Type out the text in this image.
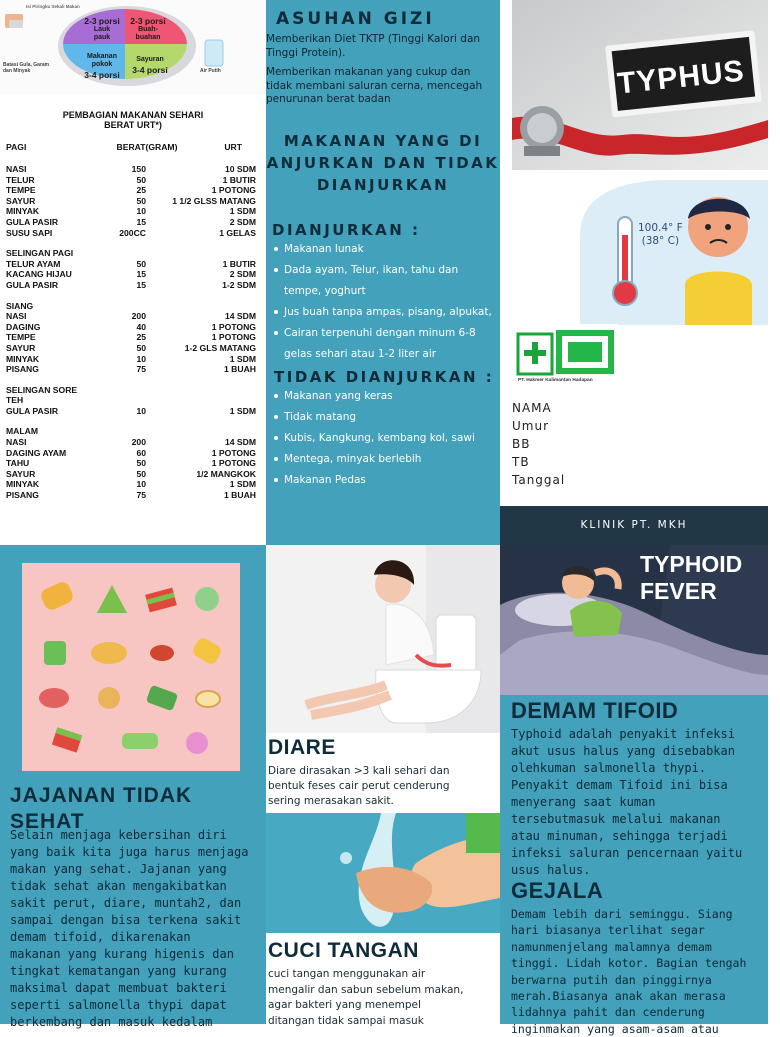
2-3 porsi
Lauk
pauk
2-3 porsi
Buah-
buahan
Makanan
pokok
3-4 porsi
Sayuran
3-4 porsi
Batasi Gula, Garam dan Minyak	Air Putih
Isi Piringku Sekali Makan
PEMBAGIAN MAKANAN SEHARI
BERAT URT*)
PAGI	BERAT(GRAM)	URT
NASI	150	10 SDM
TELUR	50	1 BUTIR
TEMPE	25	1 POTONG
SAYUR	50	1 1/2 GLSS MATANG
MINYAK	10	1 SDM
GULA PASIR	15	2 SDM
SUSU SAPI	200CC	1 GELAS
SELINGAN PAGI
TELUR AYAM	50	1 BUTIR
KACANG HIJAU	15	2 SDM
GULA PASIR	15	1-2 SDM
SIANG
NASI	200	14 SDM
DAGING	40	1 POTONG
TEMPE	25	1 POTONG
SAYUR	50	1-2 GLS MATANG
MINYAK	10	1 SDM
PISANG	75	1 BUAH
SELINGAN SORE
TEH
GULA PASIR	10	1 SDM
MALAM
NASI	200	14 SDM
DAGING AYAM	60	1 POTONG
TAHU	50	1 POTONG
SAYUR	50	1/2 MANGKOK
MINYAK	10	1 SDM
PISANG	75	1 BUAH
ASUHAN GIZI
Memberikan Diet TKTP (Tinggi Kalori dan Tinggi Protein).
Memberikan makanan yang cukup dan tidak membani saluran cerna, mencegah penurunan berat badan
MAKANAN YANG DI
ANJURKAN DAN TIDAK
DIANJURKAN
DIANJURKAN :
Makanan lunak
Dada ayam, Telur, ikan, tahu dan
tempe, yoghurt
Jus buah tanpa ampas, pisang, alpukat,
Cairan terpenuhi dengan minum 6-8
gelas sehari atau 1-2 liter air
TIDAK DIANJURKAN :
Makanan yang keras
Tidak matang
Kubis, Kangkung, kembang kol, sawi
Mentega, minyak berlebih
Makanan Pedas
TYPHUS
100.4° F
(38° C)
PT. Hakmer Kalimantan Hadapan
NAMA
Umur
BB
TB
Tanggal
KLINIK PT. MKH
JAJANAN TIDAK SEHAT
Selain menjaga kebersihan diri
yang baik kita juga harus menjaga
makan yang sehat. Jajanan yang
tidak sehat akan mengakibatkan
sakit perut, diare, muntah2, dan
sampai dengan bisa terkena sakit
demam tifoid, dikarenakan
makanan yang kurang higenis dan
tingkat kematangan yang kurang
maksimal dapat membuat bakteri
seperti salmonella thypi dapat
berkembang dan masuk kedalam
DIARE
Diare dirasakan >3 kali sehari dan
bentuk feses cair perut cenderung
sering merasakan sakit.
CUCI TANGAN
cuci tangan menggunakan air
mengalir dan sabun sebelum makan,
agar bakteri yang menempel
ditangan tidak sampai masuk
TYPHOID
FEVER
DEMAM TIFOID
Typhoid adalah penyakit infeksi
akut usus halus yang disebabkan
olehkuman salmonella thypi.
Penyakit demam Tifoid ini bisa
menyerang saat kuman
tersebutmasuk melalui makanan
atau minuman, sehingga terjadi
infeksi saluran pencernaan yaitu
usus halus.
GEJALA
Demam lebih dari seminggu. Siang
hari biasanya terlihat segar
namunmenjelang malamnya demam
tinggi. Lidah kotor. Bagian tengah
berwarna putih dan pinggirnya
merah.Biasanya anak akan merasa
lidahnya pahit dan cenderung
inginmakan yang asam-asam atau
